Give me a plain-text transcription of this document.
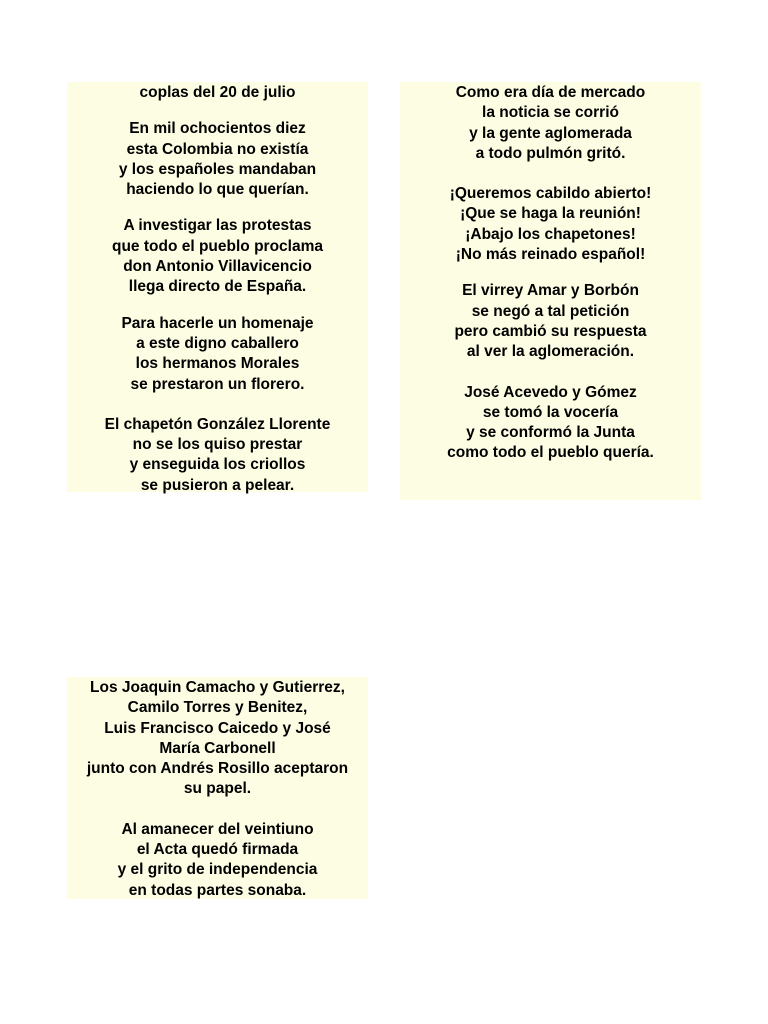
coplas del 20 de julio
En mil ochocientos diez
esta Colombia no existía
y los españoles mandaban
haciendo lo que querían.
A investigar las protestas
que todo el pueblo proclama
don Antonio Villavicencio
llega directo de España.
Para hacerle un homenaje
a este digno caballero
los hermanos Morales
se prestaron un florero.
El chapetón González Llorente
no se los quiso prestar
y enseguida los criollos
se pusieron a pelear.
Como era día de mercado
la noticia se corrió
y la gente aglomerada
a todo pulmón gritó.
¡Queremos cabildo abierto!
¡Que se haga la reunión!
¡Abajo los chapetones!
¡No más reinado español!
El virrey Amar y Borbón
se negó a tal petición
pero cambió su respuesta
al ver la aglomeración.
José Acevedo y Gómez
se tomó la vocería
y se conformó la Junta
como todo el pueblo quería.
Los Joaquin Camacho y Gutierrez,
Camilo Torres y Benitez,
Luis Francisco Caicedo y José
María Carbonell
junto con Andrés Rosillo aceptaron
su papel.
Al amanecer del veintiuno
el Acta quedó firmada
y el grito de independencia
en todas partes sonaba.
